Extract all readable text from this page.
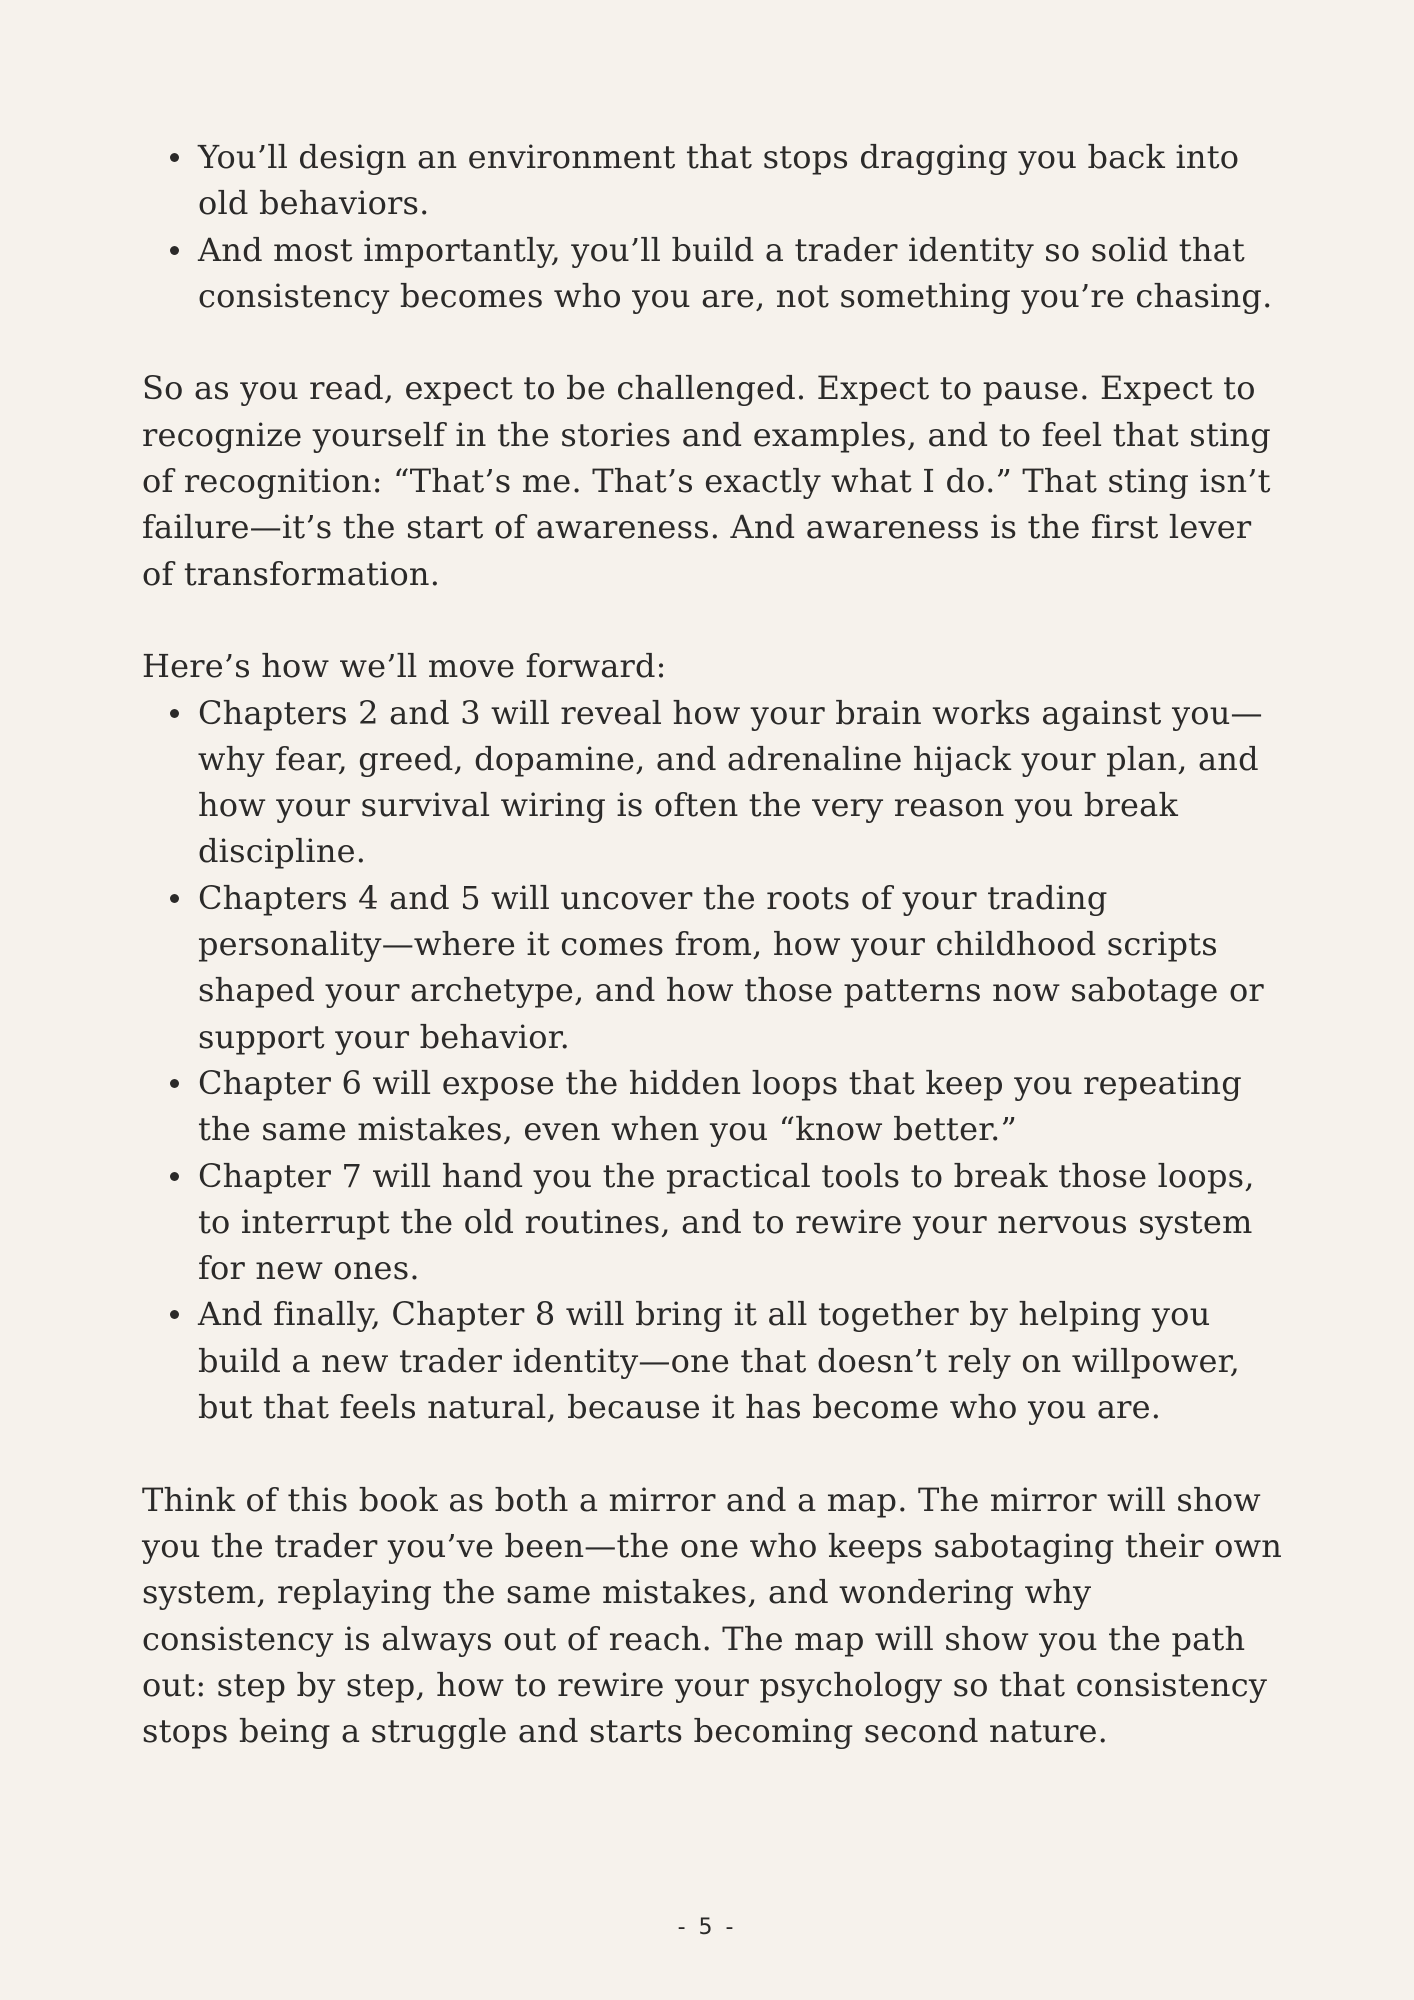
You’ll design an environment that stops dragging you back into old behaviors.
And most importantly, you’ll build a trader identity so solid that consistency becomes who you are, not something you’re chasing.

So as you read, expect to be challenged. Expect to pause. Expect to recognize yourself in the stories and examples, and to feel that sting of recognition: “That’s me. That’s exactly what I do.” That sting isn’t failure—it’s the start of awareness. And awareness is the first lever of transformation.

Here’s how we’ll move forward:

Chapters 2 and 3 will reveal how your brain works against you—why fear, greed, dopamine, and adrenaline hijack your plan, and how your survival wiring is often the very reason you break discipline.
Chapters 4 and 5 will uncover the roots of your trading personality—where it comes from, how your childhood scripts shaped your archetype, and how those patterns now sabotage or support your behavior.
Chapter 6 will expose the hidden loops that keep you repeating the same mistakes, even when you “know better.”
Chapter 7 will hand you the practical tools to break those loops, to interrupt the old routines, and to rewire your nervous system for new ones.
And finally, Chapter 8 will bring it all together by helping you build a new trader identity—one that doesn’t rely on willpower, but that feels natural, because it has become who you are.

Think of this book as both a mirror and a map. The mirror will show you the trader you’ve been—the one who keeps sabotaging their own system, replaying the same mistakes, and wondering why consistency is always out of reach. The map will show you the path out: step by step, how to rewire your psychology so that consistency stops being a struggle and starts becoming second nature.

- 5 -
